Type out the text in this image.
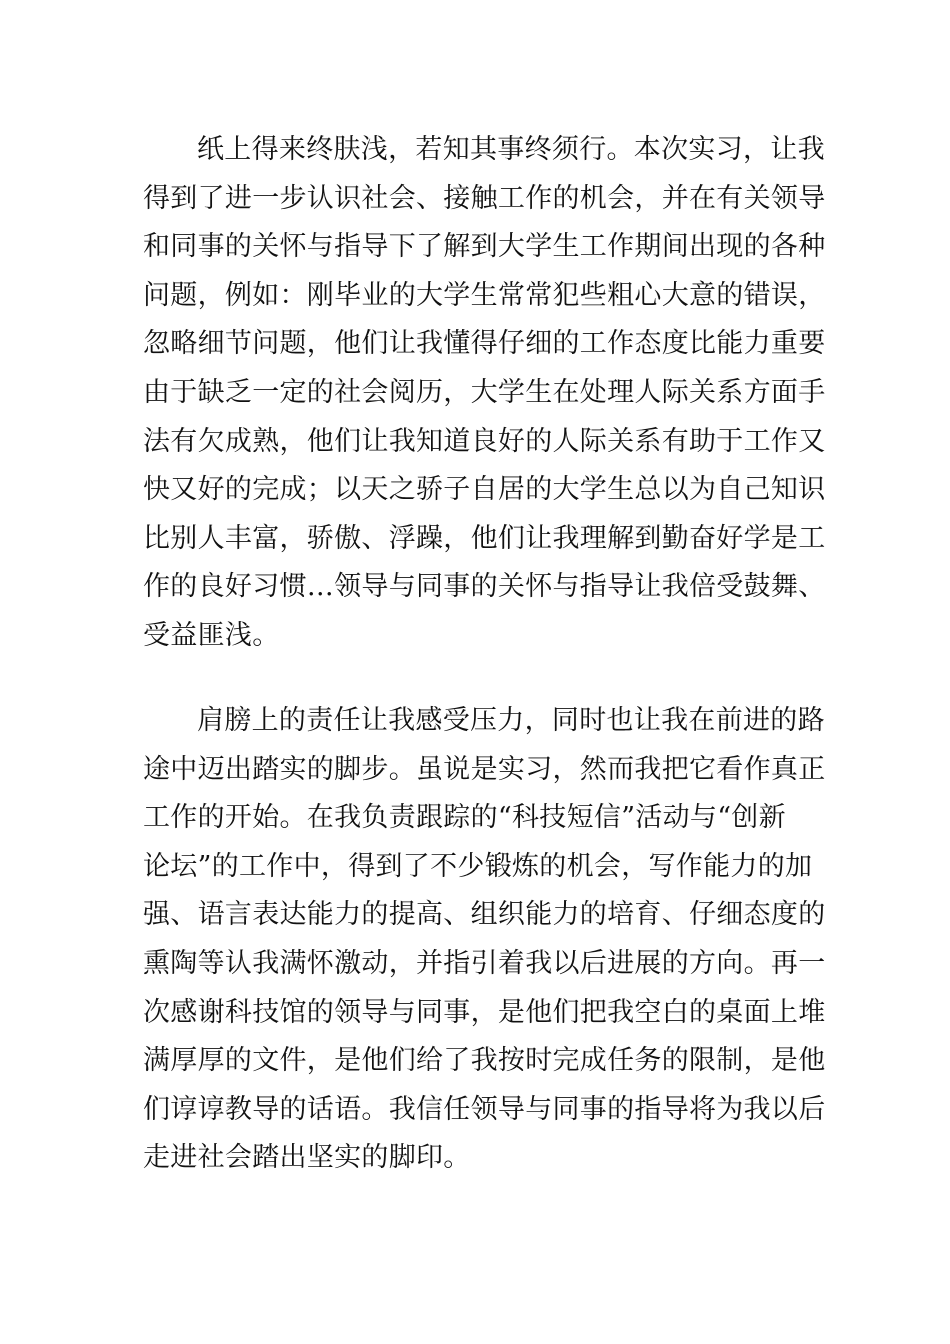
纸上得来终肤浅，若知其事终须行。本次实习，让我
得到了进一步认识社会、接触工作的机会，并在有关领导
和同事的关怀与指导下了解到大学生工作期间出现的各种
问题，例如：刚毕业的大学生常常犯些粗心大意的错误，
忽略细节问题，他们让我懂得仔细的工作态度比能力重要
由于缺乏一定的社会阅历，大学生在处理人际关系方面手
法有欠成熟，他们让我知道良好的人际关系有助于工作又
快又好的完成；以天之骄子自居的大学生总以为自己知识
比别人丰富，骄傲、浮躁，他们让我理解到勤奋好学是工
作的良好习惯…领导与同事的关怀与指导让我倍受鼓舞、
受益匪浅。
肩膀上的责任让我感受压力，同时也让我在前进的路
途中迈出踏实的脚步。虽说是实习，然而我把它看作真正
工作的开始。在我负责跟踪的“科技短信”活动与“创新
论坛”的工作中，得到了不少锻炼的机会，写作能力的加
强、语言表达能力的提高、组织能力的培育、仔细态度的
熏陶等认我满怀激动，并指引着我以后进展的方向。再一
次感谢科技馆的领导与同事，是他们把我空白的桌面上堆
满厚厚的文件，是他们给了我按时完成任务的限制，是他
们谆谆教导的话语。我信任领导与同事的指导将为我以后
走进社会踏出坚实的脚印。
